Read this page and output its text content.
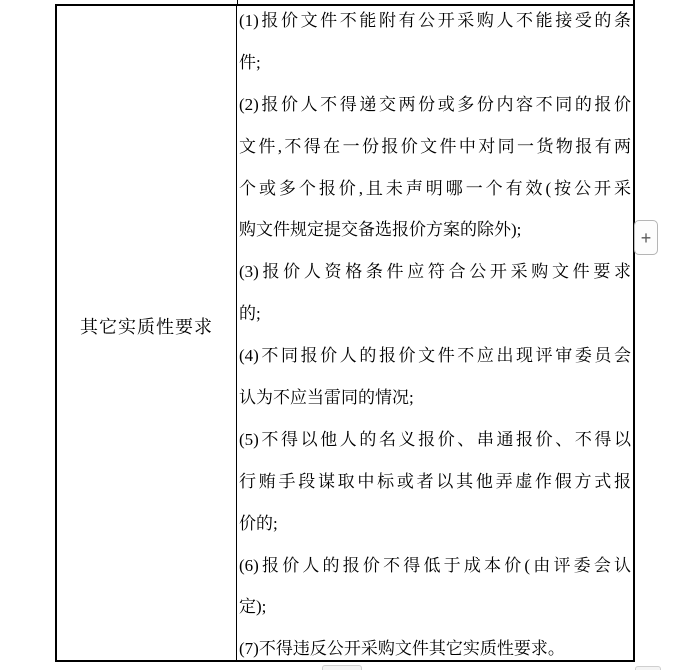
其它实质性要求
(1)报价文件不能附有公开采购人不能接受的条
件;
(2)报价人不得递交两份或多份内容不同的报价
文件,不得在一份报价文件中对同一货物报有两
个或多个报价,且未声明哪一个有效(按公开采
购文件规定提交备选报价方案的除外);
(3)报价人资格条件应符合公开采购文件要求
的;
(4)不同报价人的报价文件不应出现评审委员会
认为不应当雷同的情况;
(5)不得以他人的名义报价、串通报价、不得以
行贿手段谋取中标或者以其他弄虚作假方式报
价的;
(6)报价人的报价不得低于成本价(由评委会认
定);
(7)不得违反公开采购文件其它实质性要求。
+
